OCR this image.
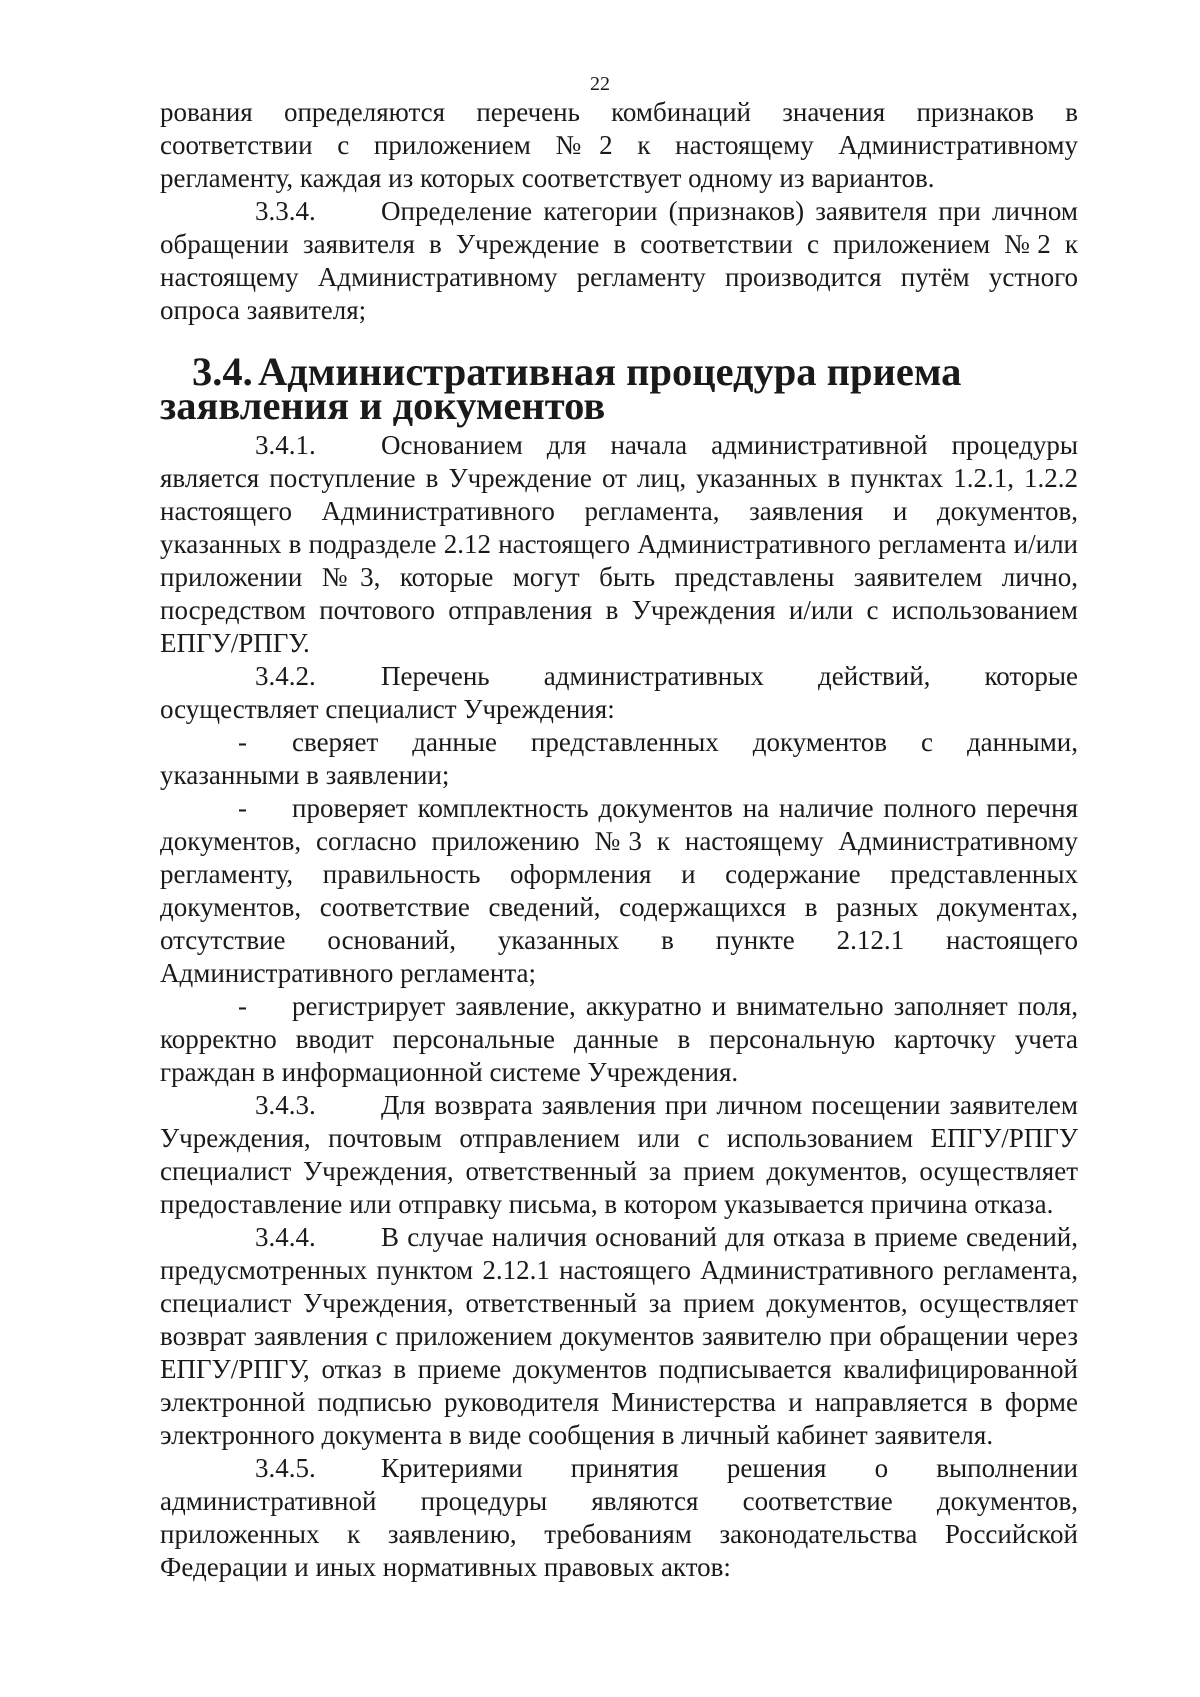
22

рования определяются перечень комбинаций значения признаков в соответствии с приложением №2 к настоящему Административному регламенту, каждая из которых соответствует одному из вариантов.

3.3.4. Определение категории (признаков) заявителя при личном обращении заявителя в Учреждение в соответствии с приложением №2 к настоящему Административному регламенту производится путём устного опроса заявителя;

3.4. Административная процедура приема заявления и документов

3.4.1. Основанием для начала административной процедуры является поступление в Учреждение от лиц, указанных в пунктах 1.2.1, 1.2.2 настоящего Административного регламента, заявления и документов, указанных в подразделе 2.12 настоящего Административного регламента и/или приложении №3, которые могут быть представлены заявителем лично, посредством почтового отправления в Учреждения и/или с использованием ЕПГУ/РПГУ.

3.4.2. Перечень административных действий, которые осуществляет специалист Учреждения:

- сверяет данные представленных документов с данными, указанными в заявлении;

- проверяет комплектность документов на наличие полного перечня документов, согласно приложению №3 к настоящему Административному регламенту, правильность оформления и содержание представленных документов, соответствие сведений, содержащихся в разных документах, отсутствие оснований, указанных в пункте 2.12.1 настоящего Административного регламента;

- регистрирует заявление, аккуратно и внимательно заполняет поля, корректно вводит персональные данные в персональную карточку учета граждан в информационной системе Учреждения.

3.4.3. Для возврата заявления при личном посещении заявителем Учреждения, почтовым отправлением или с использованием ЕПГУ/РПГУ специалист Учреждения, ответственный за прием документов, осуществляет предоставление или отправку письма, в котором указывается причина отказа.

3.4.4. В случае наличия оснований для отказа в приеме сведений, предусмотренных пунктом 2.12.1 настоящего Административного регламента, специалист Учреждения, ответственный за прием документов, осуществляет возврат заявления с приложением документов заявителю при обращении через ЕПГУ/РПГУ, отказ в приеме документов подписывается квалифицированной электронной подписью руководителя Министерства и направляется в форме электронного документа в виде сообщения в личный кабинет заявителя.

3.4.5. Критериями принятия решения о выполнении административной процедуры являются соответствие документов, приложенных к заявлению, требованиям законодательства Российской Федерации и иных нормативных правовых актов:
